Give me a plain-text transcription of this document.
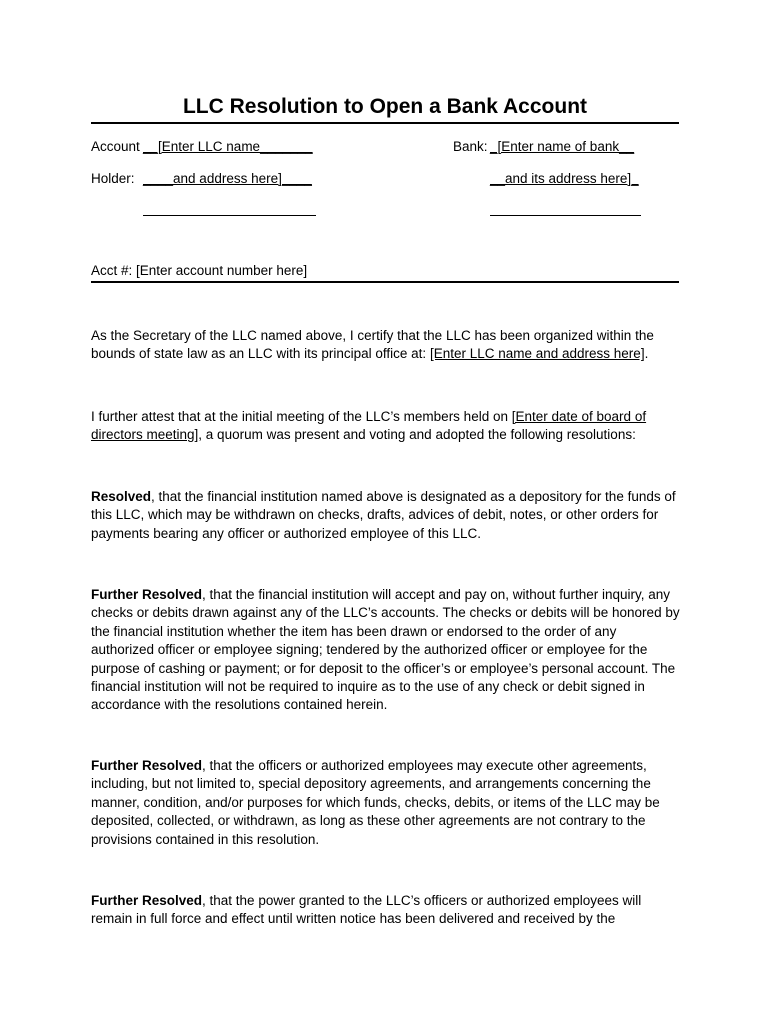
LLC Resolution to Open a Bank Account
Account __[Enter LLC name_______
Holder: ____and address here]____
Bank: _[Enter name of bank__
__and its address here]_
Acct #: [Enter account number here]
As the Secretary of the LLC named above, I certify that the LLC has been organized within the bounds of state law as an LLC with its principal office at: [Enter LLC name and address here].
I further attest that at the initial meeting of the LLC’s members held on [Enter date of board of directors meeting], a quorum was present and voting and adopted the following resolutions:
Resolved, that the financial institution named above is designated as a depository for the funds of this LLC, which may be withdrawn on checks, drafts, advices of debit, notes, or other orders for payments bearing any officer or authorized employee of this LLC.
Further Resolved, that the financial institution will accept and pay on, without further inquiry, any checks or debits drawn against any of the LLC’s accounts. The checks or debits will be honored by the financial institution whether the item has been drawn or endorsed to the order of any authorized officer or employee signing; tendered by the authorized officer or employee for the purpose of cashing or payment; or for deposit to the officer’s or employee’s personal account. The financial institution will not be required to inquire as to the use of any check or debit signed in accordance with the resolutions contained herein.
Further Resolved, that the officers or authorized employees may execute other agreements, including, but not limited to, special depository agreements, and arrangements concerning the manner, condition, and/or purposes for which funds, checks, debits, or items of the LLC may be deposited, collected, or withdrawn, as long as these other agreements are not contrary to the provisions contained in this resolution.
Further Resolved, that the power granted to the LLC’s officers or authorized employees will remain in full force and effect until written notice has been delivered and received by the
